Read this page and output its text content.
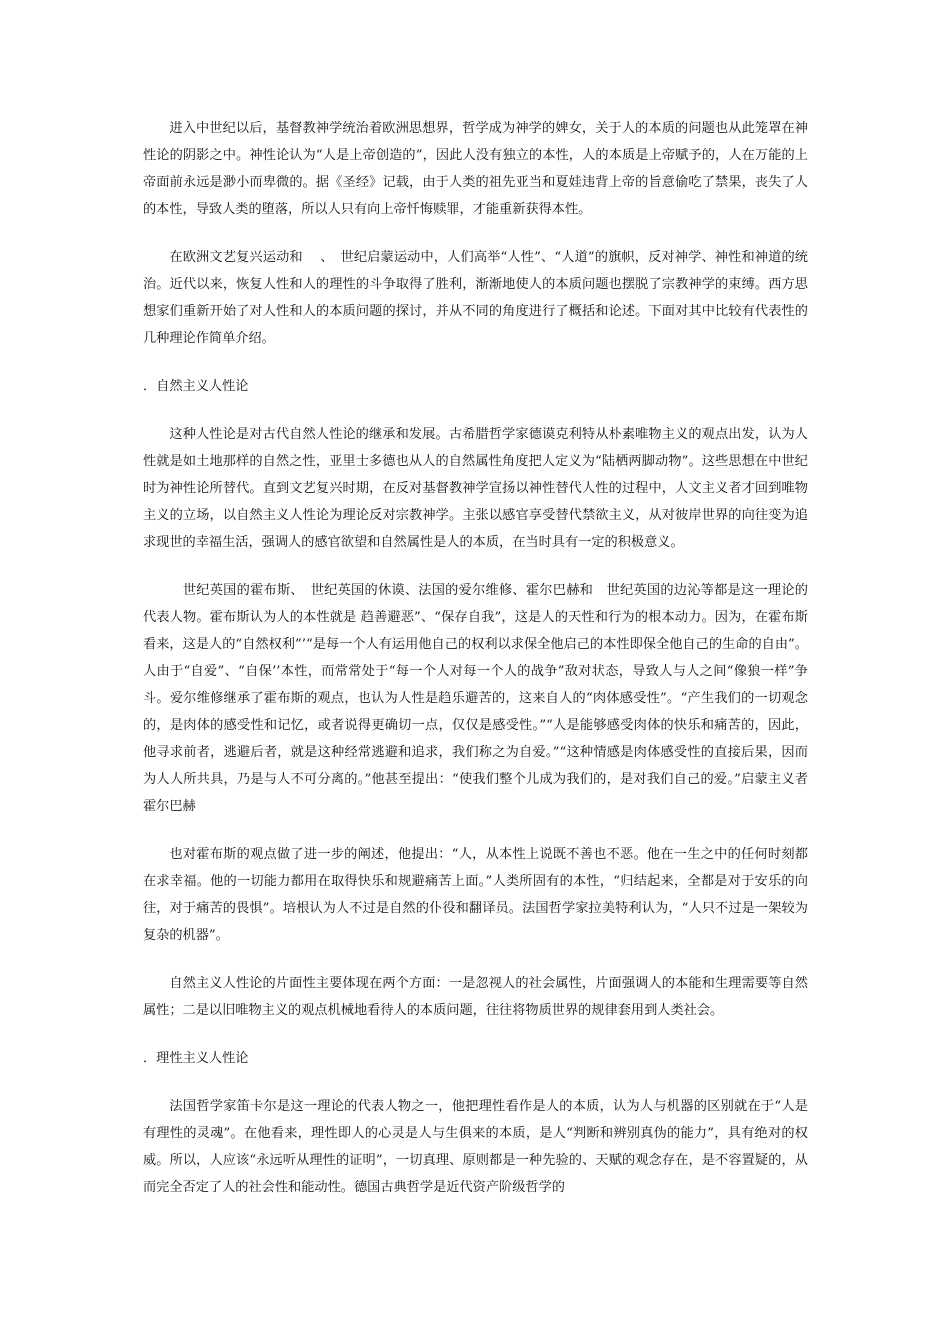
进入中世纪以后，基督教神学统治着欧洲思想界，哲学成为神学的婢女，关于人的本质的问题也从此笼罩在神性论的阴影之中。神性论认为“人是上帝创造的”，因此人没有独立的本性，人的本质是上帝赋予的，人在万能的上帝面前永远是渺小而卑微的。据《圣经》记载，由于人类的祖先亚当和夏娃违背上帝的旨意偷吃了禁果，丧失了人的本性，导致人类的堕落，所以人只有向上帝忏悔赎罪，才能重新获得本性。

在欧洲文艺复兴运动和　 、　世纪启蒙运动中，人们高举“人性”、“人道”的旗帜，反对神学、神性和神道的统治。近代以来，恢复人性和人的理性的斗争取得了胜利，渐渐地使人的本质问题也摆脱了宗教神学的束缚。西方思想家们重新开始了对人性和人的本质问题的探讨，并从不同的角度进行了概括和论述。下面对其中比较有代表性的几种理论作简单介绍。

．自然主义人性论

这种人性论是对古代自然人性论的继承和发展。古希腊哲学家德谟克利特从朴素唯物主义的观点出发，认为人性就是如土地那样的自然之性，亚里士多德也从人的自然属性角度把人定义为“陆栖两脚动物”。这些思想在中世纪时为神性论所替代。直到文艺复兴时期，在反对基督教神学宣扬以神性替代人性的过程中，人文主义者才回到唯物主义的立场，以自然主义人性论为理论反对宗教神学。主张以感官享受替代禁欲主义，从对彼岸世界的向往变为追求现世的幸福生活，强调人的感官欲望和自然属性是人的本质，在当时具有一定的积极意义。

　世纪英国的霍布斯、　世纪英国的休谟、法国的爱尔维修、霍尔巴赫和　世纪英国的边沁等都是这一理论的代表人物。霍布斯认为人的本性就是 趋善避恶”、“保存自我”，这是人的天性和行为的根本动力。因为，在霍布斯看来，这是人的“自然权利”’“是每一个人有运用他自己的权利以求保全他启己的本性即保全他自己的生命的自由”。人由于“自爱”、“自保’’本性，而常常处于“每一个人对每一个人的战争”敌对状态，导致人与人之间“像狼一样”争斗。爱尔维修继承了霍布斯的观点，也认为人性是趋乐避苦的，这来自人的“肉体感受性”。“产生我们的一切观念的，是肉体的感受性和记忆，或者说得更确切一点，仅仅是感受性。”“人是能够感受肉体的快乐和痛苦的，因此，他寻求前者，逃避后者，就是这种经常逃避和追求，我们称之为自爱。”“这种情感是肉体感受性的直接后果，因而为人人所共具，乃是与人不可分离的。”他甚至提出：“使我们整个儿成为我们的，是对我们自己的爱。”启蒙主义者霍尔巴赫

也对霍布斯的观点做了进一步的阐述，他提出：“人，从本性上说既不善也不恶。他在一生之中的任何时刻都在求幸福。他的一切能力都用在取得快乐和规避痛苦上面。”人类所固有的本性，“归结起来，全都是对于安乐的向往，对于痛苦的畏惧”。培根认为人不过是自然的仆役和翻译员。法国哲学家拉美特利认为，“人只不过是一架较为复杂的机器”。

自然主义人性论的片面性主要体现在两个方面：一是忽视人的社会属性，片面强调人的本能和生理需要等自然属性；二是以旧唯物主义的观点机械地看待人的本质问题，往往将物质世界的规律套用到人类社会。

．理性主义人性论

法国哲学家笛卡尔是这一理论的代表人物之一，他把理性看作是人的本质，认为人与机器的区别就在于“人是有理性的灵魂”。在他看来，理性即人的心灵是人与生俱来的本质，是人“判断和辨别真伪的能力”，具有绝对的权威。所以，人应该“永远听从理性的证明”，一切真理、原则都是一种先验的、天赋的观念存在，是不容置疑的，从而完全否定了人的社会性和能动性。德国古典哲学是近代资产阶级哲学的
